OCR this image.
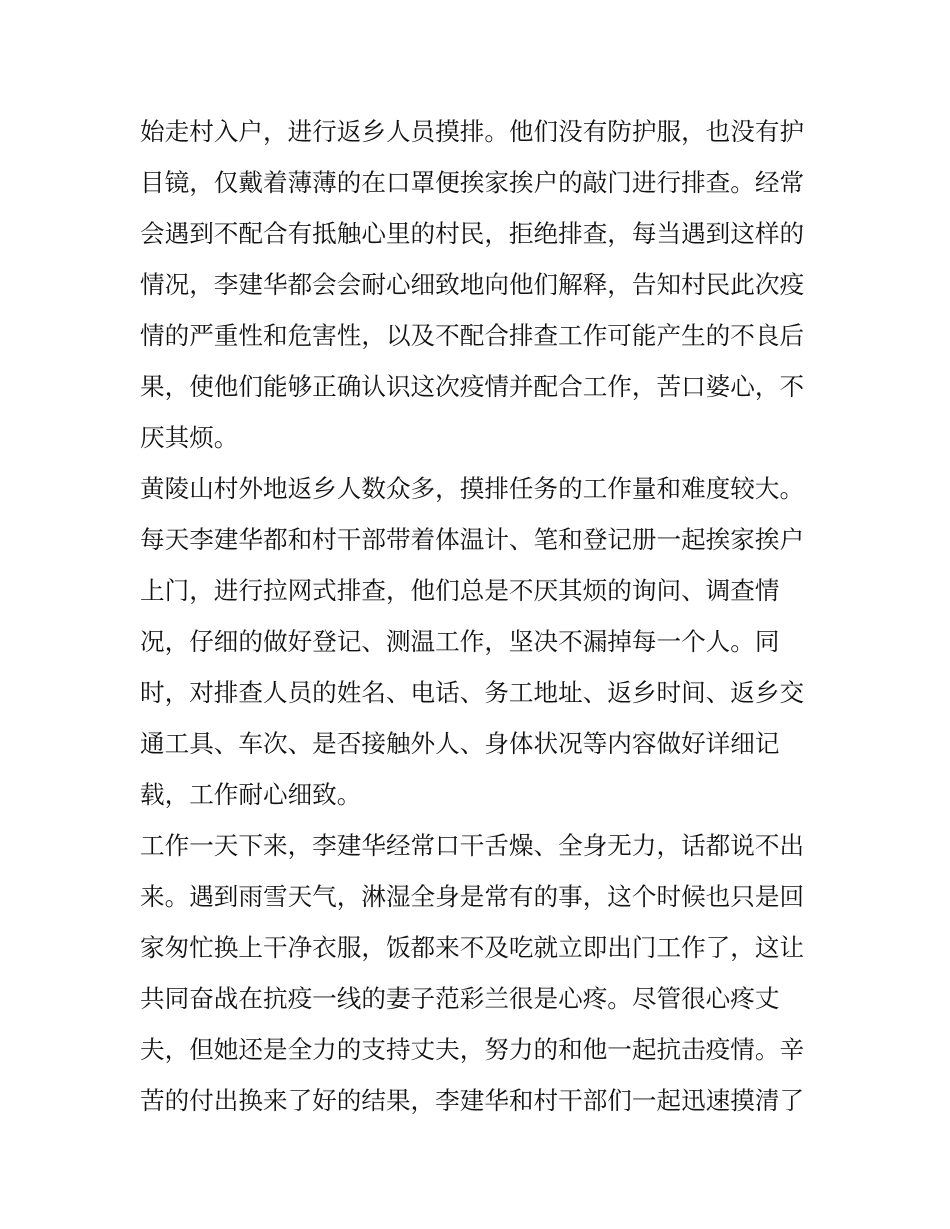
始走村入户，进行返乡人员摸排。他们没有防护服，也没有护
目镜，仅戴着薄薄的在口罩便挨家挨户的敲门进行排查。经常
会遇到不配合有抵触心里的村民，拒绝排查，每当遇到这样的
情况，李建华都会会耐心细致地向他们解释，告知村民此次疫
情的严重性和危害性，以及不配合排查工作可能产生的不良后
果，使他们能够正确认识这次疫情并配合工作，苦口婆心，不
厌其烦。
黄陵山村外地返乡人数众多，摸排任务的工作量和难度较大。
每天李建华都和村干部带着体温计、笔和登记册一起挨家挨户
上门，进行拉网式排查，他们总是不厌其烦的询问、调查情
况，仔细的做好登记、测温工作，坚决不漏掉每一个人。同
时，对排查人员的姓名、电话、务工地址、返乡时间、返乡交
通工具、车次、是否接触外人、身体状况等内容做好详细记
载，工作耐心细致。
工作一天下来，李建华经常口干舌燥、全身无力，话都说不出
来。遇到雨雪天气，淋湿全身是常有的事，这个时候也只是回
家匆忙换上干净衣服，饭都来不及吃就立即出门工作了，这让
共同奋战在抗疫一线的妻子范彩兰很是心疼。尽管很心疼丈
夫，但她还是全力的支持丈夫，努力的和他一起抗击疫情。辛
苦的付出换来了好的结果，李建华和村干部们一起迅速摸清了
